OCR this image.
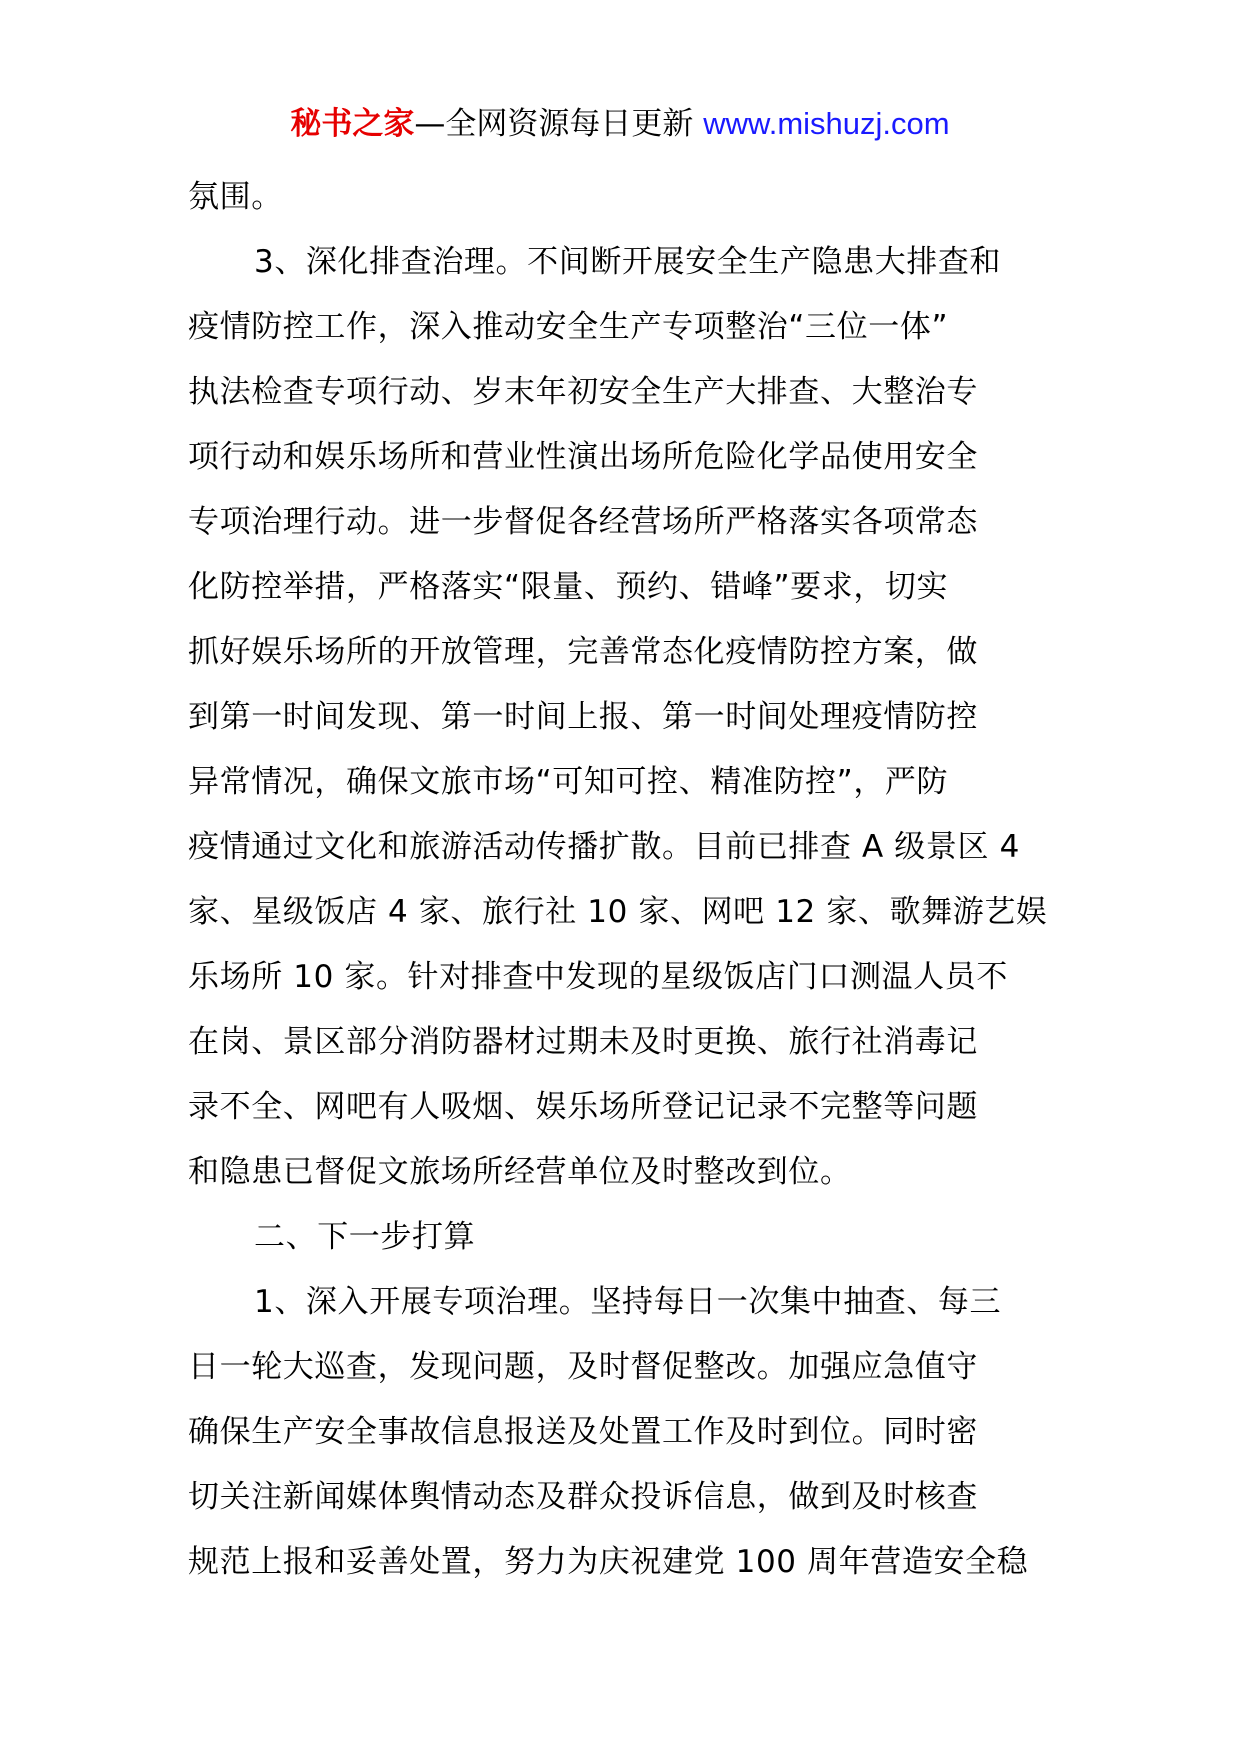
秘书之家—全网资源每日更新 www.mishuzj.com
氛围。
3、深化排查治理。不间断开展安全生产隐患大排查和
疫情防控工作，深入推动安全生产专项整治“三位一体”
执法检查专项行动、岁末年初安全生产大排查、大整治专
项行动和娱乐场所和营业性演出场所危险化学品使用安全
专项治理行动。进一步督促各经营场所严格落实各项常态
化防控举措，严格落实“限量、预约、错峰”要求，切实
抓好娱乐场所的开放管理，完善常态化疫情防控方案，做
到第一时间发现、第一时间上报、第一时间处理疫情防控
异常情况，确保文旅市场“可知可控、精准防控”，严防
疫情通过文化和旅游活动传播扩散。目前已排查 A 级景区 4
家、星级饭店 4 家、旅行社 10 家、网吧 12 家、歌舞游艺娱
乐场所 10 家。针对排查中发现的星级饭店门口测温人员不
在岗、景区部分消防器材过期未及时更换、旅行社消毒记
录不全、网吧有人吸烟、娱乐场所登记记录不完整等问题
和隐患已督促文旅场所经营单位及时整改到位。
二、下一步打算
1、深入开展专项治理。坚持每日一次集中抽查、每三
日一轮大巡查，发现问题，及时督促整改。加强应急值守
确保生产安全事故信息报送及处置工作及时到位。同时密
切关注新闻媒体舆情动态及群众投诉信息，做到及时核查
规范上报和妥善处置，努力为庆祝建党 100 周年营造安全稳
